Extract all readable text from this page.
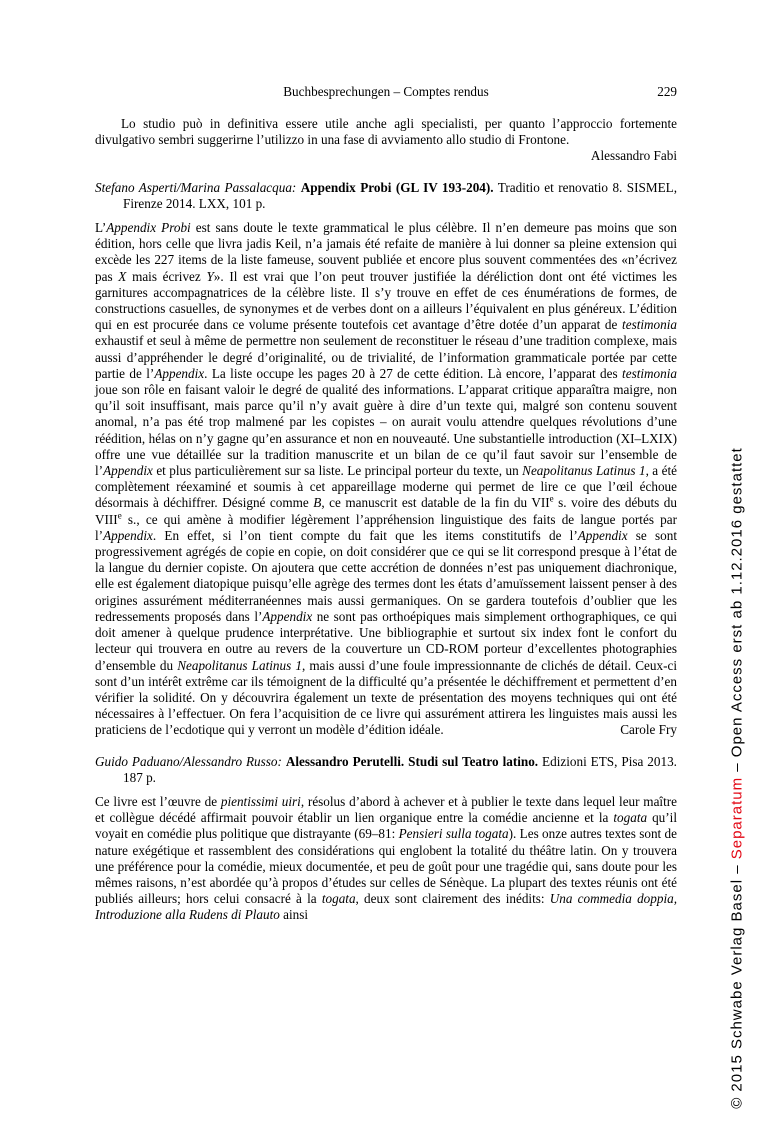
Buchbesprechungen – Comptes rendus	229

Lo studio può in definitiva essere utile anche agli specialisti, per quanto l’approccio fortemente divulgativo sembri suggerirne l’utilizzo in una fase di avviamento allo studio di Frontone.

Alessandro Fabi

Stefano Asperti/Marina Passalacqua: Appendix Probi (GL IV 193-204). Traditio et renovatio 8. SISMEL, Firenze 2014. LXX, 101 p.

L’Appendix Probi est sans doute le texte grammatical le plus célèbre. Il n’en demeure pas moins que son édition, hors celle que livra jadis Keil, n’a jamais été refaite de manière à lui donner sa pleine extension qui excède les 227 items de la liste fameuse, souvent publiée et encore plus souvent commentées des «n’écrivez pas X mais écrivez Y». Il est vrai que l’on peut trouver justifiée la déréliction dont ont été victimes les garnitures accompagnatrices de la célèbre liste. Il s’y trouve en effet de ces énumérations de formes, de constructions casuelles, de synonymes et de verbes dont on a ailleurs l’équivalent en plus généreux. L’édition qui en est procurée dans ce volume présente toutefois cet avantage d’être dotée d’un apparat de testimonia exhaustif et seul à même de permettre non seulement de reconstituer le réseau d’une tradition complexe, mais aussi d’appréhender le degré d’originalité, ou de trivialité, de l’information grammaticale portée par cette partie de l’Appendix. La liste occupe les pages 20 à 27 de cette édition. Là encore, l’apparat des testimonia joue son rôle en faisant valoir le degré de qualité des informations. L’apparat critique apparaîtra maigre, non qu’il soit insuffisant, mais parce qu’il n’y avait guère à dire d’un texte qui, malgré son contenu souvent anomal, n’a pas été trop malmené par les copistes – on aurait voulu attendre quelques révolutions d’une réédition, hélas on n’y gagne qu’en assurance et non en nouveauté. Une substantielle introduction (XI–LXIX) offre une vue détaillée sur la tradition manuscrite et un bilan de ce qu’il faut savoir sur l’ensemble de l’Appendix et plus particulièrement sur sa liste. Le principal porteur du texte, un Neapolitanus Latinus 1, a été complètement réexaminé et soumis à cet appareillage moderne qui permet de lire ce que l’œil échoue désormais à déchiffrer. Désigné comme B, ce manuscrit est datable de la fin du VIIe s. voire des débuts du VIIIe s., ce qui amène à modifier légèrement l’appréhension linguistique des faits de langue portés par l’Appendix. En effet, si l’on tient compte du fait que les items constitutifs de l’Appendix se sont progressivement agrégés de copie en copie, on doit considérer que ce qui se lit correspond presque à l’état de la langue du dernier copiste. On ajoutera que cette accrétion de données n’est pas uniquement diachronique, elle est également diatopique puisqu’elle agrège des termes dont les états d’amuïssement laissent penser à des origines assurément méditerranéennes mais aussi germaniques. On se gardera toutefois d’oublier que les redressements proposés dans l’Appendix ne sont pas orthoépiques mais simplement orthographiques, ce qui doit amener à quelque prudence interprétative. Une bibliographie et surtout six index font le confort du lecteur qui trouvera en outre au revers de la couverture un CD-ROM porteur d’excellentes photographies d’ensemble du Neapolitanus Latinus 1, mais aussi d’une foule impressionnante de clichés de détail. Ceux-ci sont d’un intérêt extrême car ils témoignent de la difficulté qu’a présentée le déchiffrement et permettent d’en vérifier la solidité. On y découvrira également un texte de présentation des moyens techniques qui ont été nécessaires à l’effectuer. On fera l’acquisition de ce livre qui assurément attirera les linguistes mais aussi les praticiens de l’ecdotique qui y verront un modèle d’édition idéale.	Carole Fry

Guido Paduano/Alessandro Russo: Alessandro Perutelli. Studi sul Teatro latino. Edizioni ETS, Pisa 2013. 187 p.

Ce livre est l’œuvre de pientissimi uiri, résolus d’abord à achever et à publier le texte dans lequel leur maître et collègue décédé affirmait pouvoir établir un lien organique entre la comédie ancienne et la togata qu’il voyait en comédie plus politique que distrayante (69–81: Pensieri sulla togata). Les onze autres textes sont de nature exégétique et rassemblent des considérations qui englobent la totalité du théâtre latin. On y trouvera une préférence pour la comédie, mieux documentée, et peu de goût pour une tragédie qui, sans doute pour les mêmes raisons, n’est abordée qu’à propos d’études sur celles de Sénèque. La plupart des textes réunis ont été publiés ailleurs; hors celui consacré à la togata, deux sont clairement des inédits: Una commedia doppia, Introduzione alla Rudens di Plauto ainsi	© 2015 Schwabe Verlag Basel – Separatum – Open Access erst ab 1.12.2016 gestattet
